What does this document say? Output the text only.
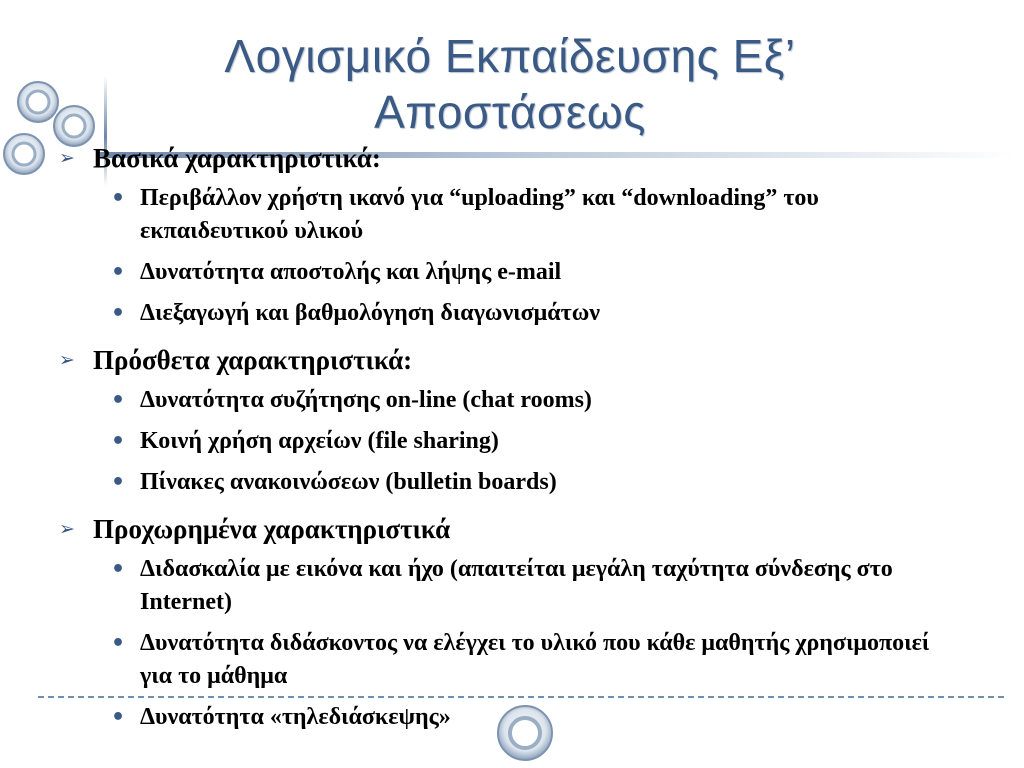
Λογισμικό Εκπαίδευσης Εξ’
Αποστάσεως
➢ Βασικά χαρακτηριστικά:
• Περιβάλλον χρήστη ικανό για “uploading” και “downloading” του εκπαιδευτικού υλικού
• Δυνατότητα αποστολής και λήψης e-mail
• Διεξαγωγή και βαθμολόγηση διαγωνισμάτων
➢ Πρόσθετα χαρακτηριστικά:
• Δυνατότητα συζήτησης on-line (chat rooms)
• Κοινή χρήση αρχείων (file sharing)
• Πίνακες ανακοινώσεων (bulletin boards)
➢ Προχωρημένα χαρακτηριστικά
• Διδασκαλία με εικόνα και ήχο (απαιτείται μεγάλη ταχύτητα σύνδεσης στο Internet)
• Δυνατότητα διδάσκοντος να ελέγχει το υλικό που κάθε μαθητής χρησιμοποιεί για το μάθημα
• Δυνατότητα «τηλεδιάσκεψης»
